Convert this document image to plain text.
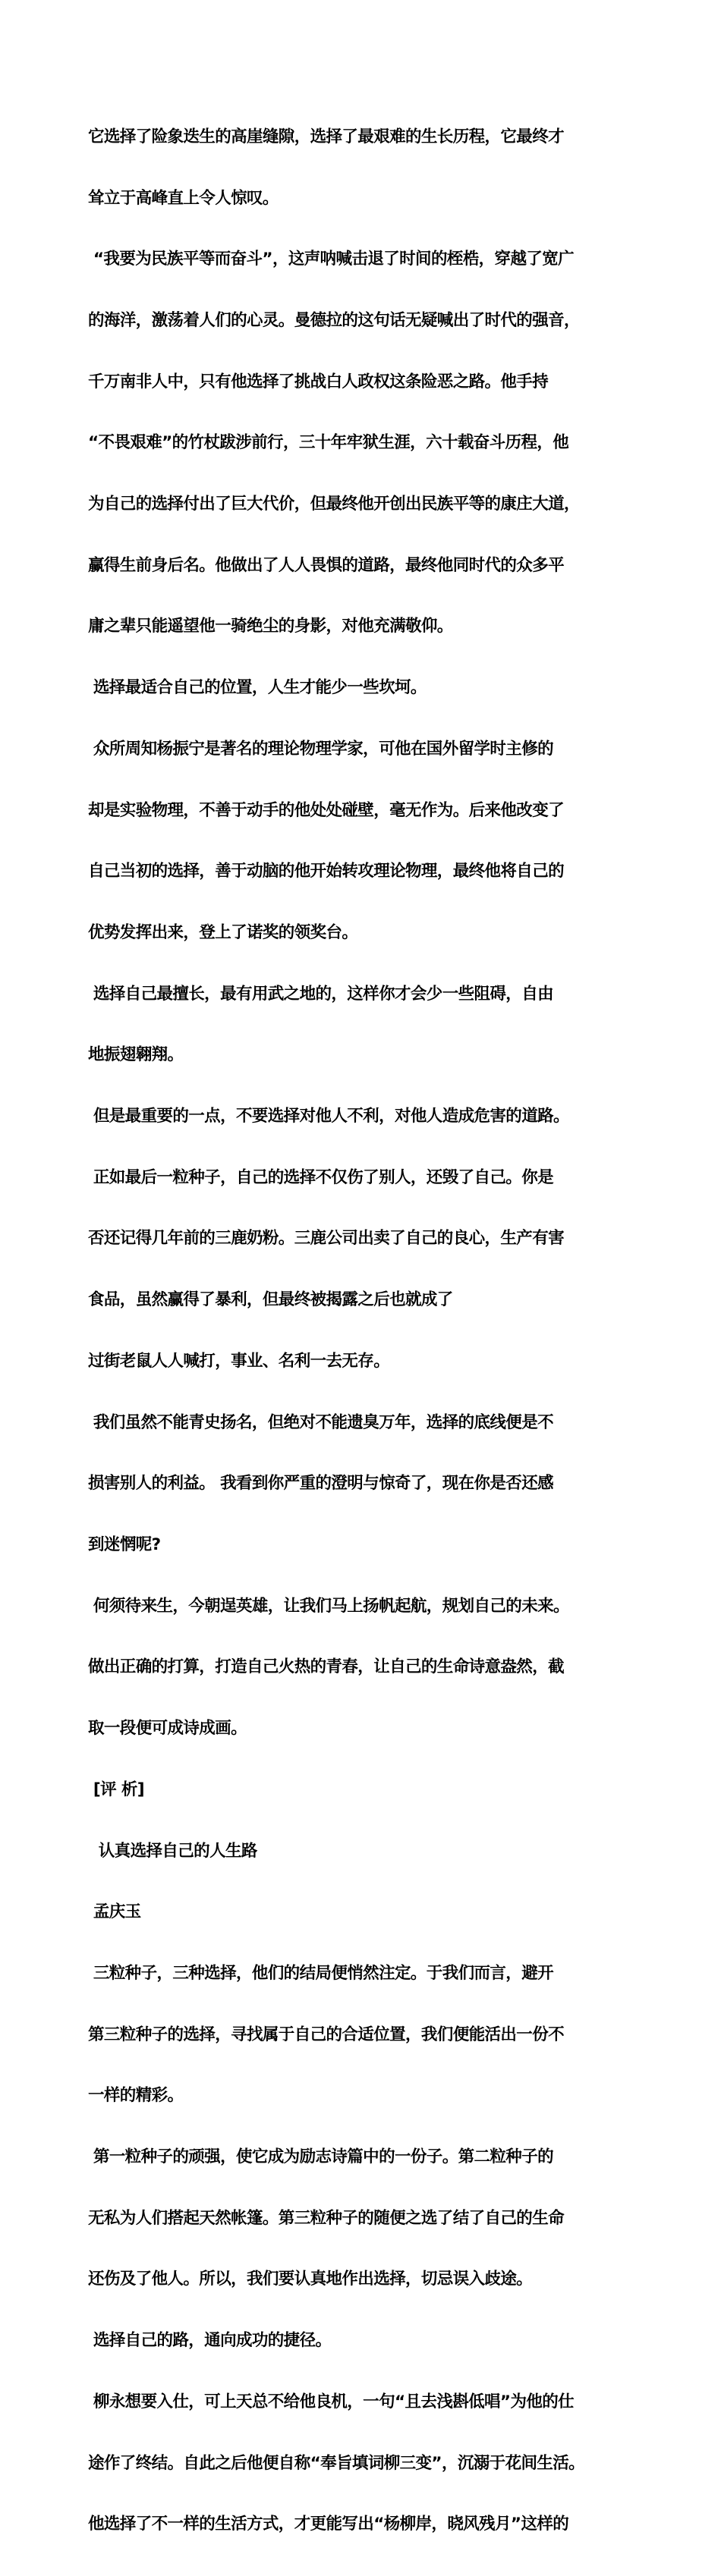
它选择了险象迭生的高崖缝隙，选择了最艰难的生长历程，它最终才

耸立于高峰直上令人惊叹。

“我要为民族平等而奋斗”，这声呐喊击退了时间的桎梏，穿越了宽广

的海洋，激荡着人们的心灵。曼德拉的这句话无疑喊出了时代的强音，

千万南非人中，只有他选择了挑战白人政权这条险恶之路。他手持

“不畏艰难”的竹杖跋涉前行，三十年牢狱生涯，六十载奋斗历程，他

为自己的选择付出了巨大代价，但最终他开创出民族平等的康庄大道，

赢得生前身后名。他做出了人人畏惧的道路，最终他同时代的众多平

庸之辈只能遥望他一骑绝尘的身影，对他充满敬仰。

选择最适合自己的位置，人生才能少一些坎坷。

众所周知杨振宁是著名的理论物理学家，可他在国外留学时主修的

却是实验物理，不善于动手的他处处碰壁，毫无作为。后来他改变了

自己当初的选择，善于动脑的他开始转攻理论物理，最终他将自己的

优势发挥出来，登上了诺奖的领奖台。

选择自己最擅长，最有用武之地的，这样你才会少一些阻碍，自由

地振翅翱翔。

但是最重要的一点，不要选择对他人不利，对他人造成危害的道路。

正如最后一粒种子，自己的选择不仅伤了别人，还毁了自己。你是

否还记得几年前的三鹿奶粉。三鹿公司出卖了自己的良心，生产有害

食品，虽然赢得了暴利，但最终被揭露之后也就成了

过街老鼠人人喊打，事业、名利一去无存。

我们虽然不能青史扬名，但绝对不能遗臭万年，选择的底线便是不

损害别人的利益。 我看到你严重的澄明与惊奇了，现在你是否还感

到迷惘呢?

何须待来生，今朝逞英雄，让我们马上扬帆起航，规划自己的未来。

做出正确的打算，打造自己火热的青春，让自己的生命诗意盎然，截

取一段便可成诗成画。

[评 析]

认真选择自己的人生路

孟庆玉

三粒种子，三种选择，他们的结局便悄然注定。于我们而言，避开

第三粒种子的选择，寻找属于自己的合适位置，我们便能活出一份不

一样的精彩。

第一粒种子的顽强，使它成为励志诗篇中的一份子。第二粒种子的

无私为人们搭起天然帐篷。第三粒种子的随便之选了结了自己的生命

还伤及了他人。所以，我们要认真地作出选择，切忌误入歧途。

选择自己的路，通向成功的捷径。

柳永想要入仕，可上天总不给他良机，一句“且去浅斟低唱”为他的仕

途作了终结。自此之后他便自称“奉旨填词柳三变”，沉溺于花间生活。

他选择了不一样的生活方式，才更能写出“杨柳岸，晓风残月”这样的
